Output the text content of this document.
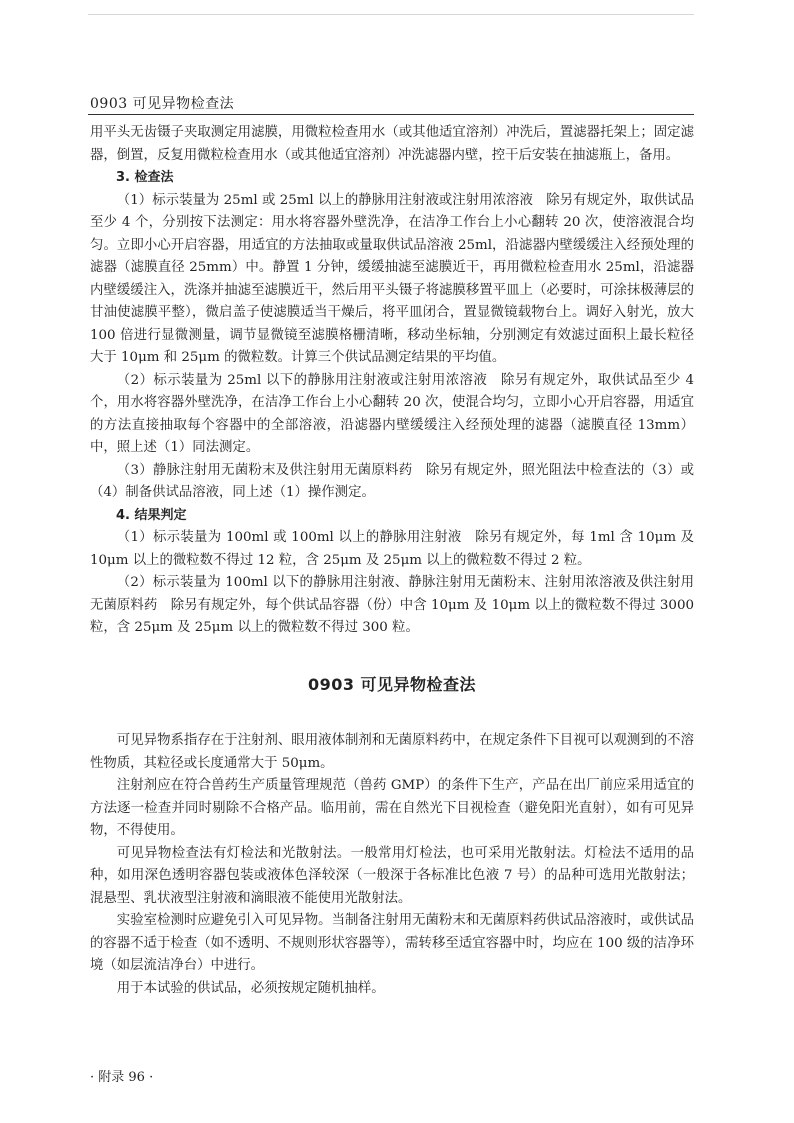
0903 可见异物检查法

用平头无齿镊子夹取测定用滤膜，用微粒检查用水（或其他适宜溶剂）冲洗后，置滤器托架上；固定滤器，倒置，反复用微粒检查用水（或其他适宜溶剂）冲洗滤器内壁，控干后安装在抽滤瓶上，备用。

3. 检查法

（1）标示装量为 25ml 或 25ml 以上的静脉用注射液或注射用浓溶液　除另有规定外，取供试品至少 4 个，分别按下法测定：用水将容器外壁洗净，在洁净工作台上小心翻转 20 次，使溶液混合均匀。立即小心开启容器，用适宜的方法抽取或量取供试品溶液 25ml，沿滤器内壁缓缓注入经预处理的滤器（滤膜直径 25mm）中。静置 1 分钟，缓缓抽滤至滤膜近干，再用微粒检查用水 25ml，沿滤器内壁缓缓注入，洗涤并抽滤至滤膜近干，然后用平头镊子将滤膜移置平皿上（必要时，可涂抹极薄层的甘油使滤膜平整），微启盖子使滤膜适当干燥后，将平皿闭合，置显微镜载物台上。调好入射光，放大 100 倍进行显微测量，调节显微镜至滤膜格栅清晰，移动坐标轴，分别测定有效滤过面积上最长粒径大于 10μm 和 25μm 的微粒数。计算三个供试品测定结果的平均值。

（2）标示装量为 25ml 以下的静脉用注射液或注射用浓溶液　除另有规定外，取供试品至少 4 个，用水将容器外壁洗净，在洁净工作台上小心翻转 20 次，使混合均匀，立即小心开启容器，用适宜的方法直接抽取每个容器中的全部溶液，沿滤器内壁缓缓注入经预处理的滤器（滤膜直径 13mm）中，照上述（1）同法测定。

（3）静脉注射用无菌粉末及供注射用无菌原料药　除另有规定外，照光阻法中检查法的（3）或（4）制备供试品溶液，同上述（1）操作测定。

4. 结果判定

（1）标示装量为 100ml 或 100ml 以上的静脉用注射液　除另有规定外，每 1ml 含 10μm 及 10μm 以上的微粒数不得过 12 粒，含 25μm 及 25μm 以上的微粒数不得过 2 粒。

（2）标示装量为 100ml 以下的静脉用注射液、静脉注射用无菌粉末、注射用浓溶液及供注射用无菌原料药　除另有规定外，每个供试品容器（份）中含 10μm 及 10μm 以上的微粒数不得过 3000 粒，含 25μm 及 25μm 以上的微粒数不得过 300 粒。

0903 可见异物检查法

可见异物系指存在于注射剂、眼用液体制剂和无菌原料药中，在规定条件下目视可以观测到的不溶性物质，其粒径或长度通常大于 50μm。

注射剂应在符合兽药生产质量管理规范（兽药 GMP）的条件下生产，产品在出厂前应采用适宜的方法逐一检查并同时剔除不合格产品。临用前，需在自然光下目视检查（避免阳光直射），如有可见异物，不得使用。

可见异物检查法有灯检法和光散射法。一般常用灯检法，也可采用光散射法。灯检法不适用的品种，如用深色透明容器包装或液体色泽较深（一般深于各标准比色液 7 号）的品种可选用光散射法；混悬型、乳状液型注射液和滴眼液不能使用光散射法。

实验室检测时应避免引入可见异物。当制备注射用无菌粉末和无菌原料药供试品溶液时，或供试品的容器不适于检查（如不透明、不规则形状容器等），需转移至适宜容器中时，均应在 100 级的洁净环境（如层流洁净台）中进行。

用于本试验的供试品，必须按规定随机抽样。

· 附录 96 ·
